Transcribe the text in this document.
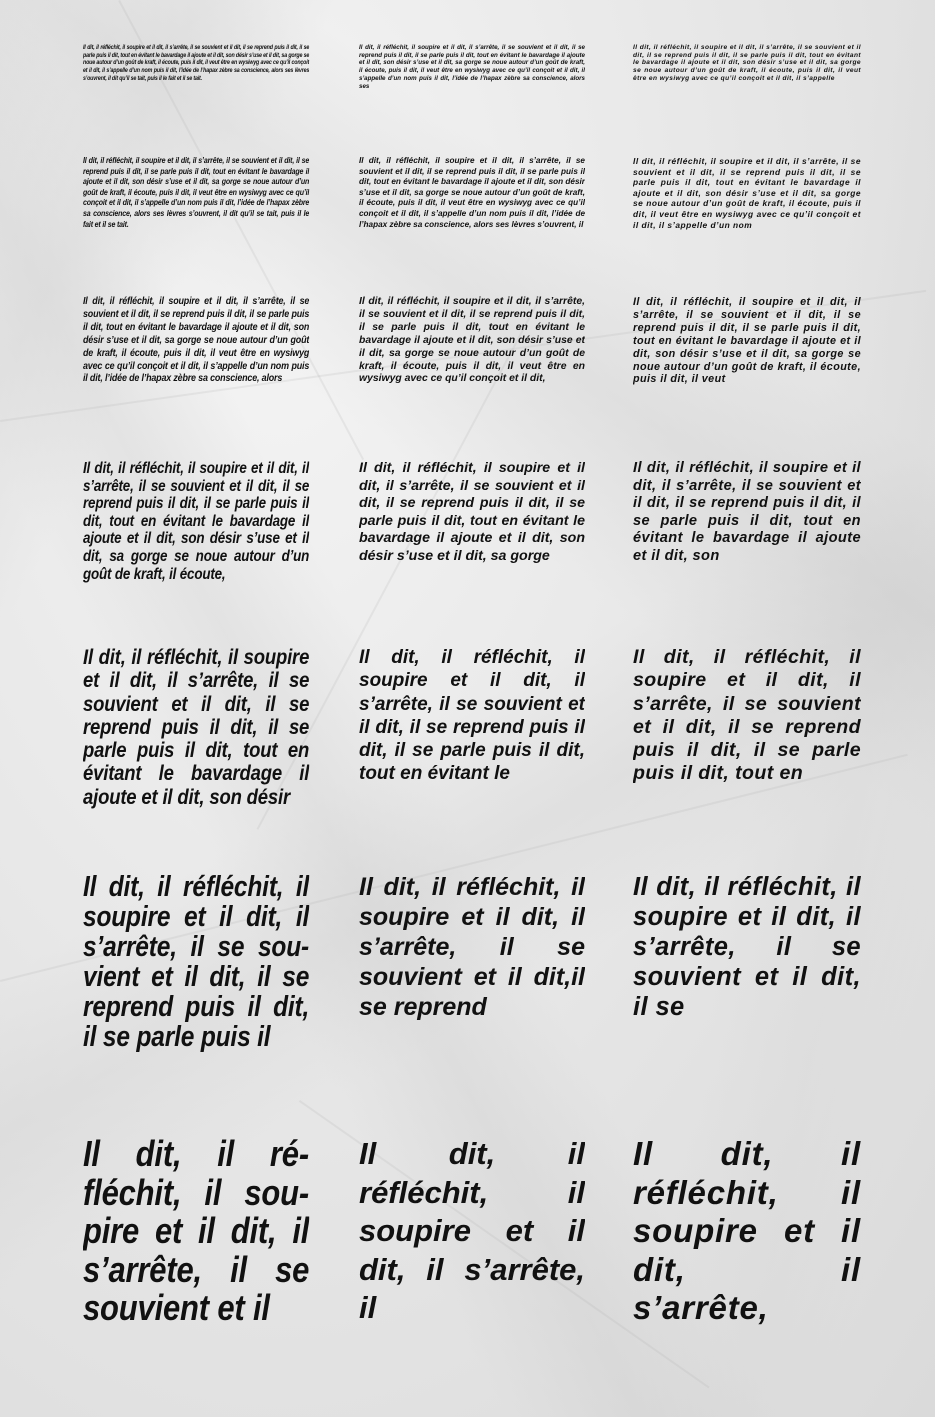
Il dit, il réfléchit, il soupire et il dit, il s’arrête, il se souvient et il dit, il se reprend puis il dit, il se parle puis il dit, tout en évitant le bavardage il ajoute et il dit, son désir s’use et il dit, sa gorge se noue autour d’un goût de kraft, il écoute, puis il dit, il veut être en wysiwyg avec ce qu’il conçoit et il dit, il s’appelle d’un nom puis il dit, l’idée de l’hapax zèbre sa conscience, alors ses lèvres s’ouvrent, il dit qu’il se tait, puis il le fait et il se tait.
Il dit, il réfléchit, il soupire et il dit, il s’arrête, il se souvient et il dit, il se reprend puis il dit, il se parle puis il dit, tout en évitant le bavardage il ajoute et il dit, son désir s’use et il dit, sa gorge se noue autour d’un goût de kraft, il écoute, puis il dit, il veut être en wysiwyg avec ce qu’il conçoit et il dit, il s’appelle d’un nom puis il dit, l’idée de l’hapax zèbre sa conscience, alors ses
Il dit, il réfléchit, il soupire et il dit, il s’arrête, il se souvient et il dit, il se reprend puis il dit, il se parle puis il dit, tout en évitant le bavardage il ajoute et il dit, son désir s’use et il dit, sa gorge se noue autour d’un goût de kraft, il écoute, puis il dit, il veut être en wysiwyg avec ce qu’il conçoit et il dit, il s’appelle
Il dit, il réfléchit, il soupire et il dit, il s’arrête, il se souvient et il dit, il se reprend puis il dit, il se parle puis il dit, tout en évitant le bavardage il ajoute et il dit, son désir s’use et il dit, sa gorge se noue autour d’un goût de kraft, il écoute, puis il dit, il veut être en wysiwyg avec ce qu’il conçoit et il dit, il s’appelle d’un nom puis il dit, l’idée de l’hapax zèbre sa conscience, alors ses lèvres s’ouvrent, il dit qu’il se tait, puis il le fait et il se tait.
Il dit, il réfléchit, il soupire et il dit, il s’arrête, il se souvient et il dit, il se reprend puis il dit, il se parle puis il dit, tout en évitant le bavardage il ajoute et il dit, son désir s’use et il dit, sa gorge se noue autour d’un goût de kraft, il écoute, puis il dit, il veut être en wysiwyg avec ce qu’il conçoit et il dit, il s’appelle d’un nom puis il dit, l’idée de l’hapax zèbre sa conscience, alors ses lèvres s’ouvrent, il
Il dit, il réfléchit, il soupire et il dit, il s’arrête, il se souvient et il dit, il se reprend puis il dit, il se parle puis il dit, tout en évitant le bavardage il ajoute et il dit, son désir s’use et il dit, sa gorge se noue autour d’un goût de kraft, il écoute, puis il dit, il veut être en wysiwyg avec ce qu’il conçoit et il dit, il s’appelle d’un nom
Il dit, il réfléchit, il soupire et il dit, il s’arrête, il se souvient et il dit, il se reprend puis il dit, il se parle puis il dit, tout en évitant le bavardage il ajoute et il dit, son désir s’use et il dit, sa gorge se noue autour d’un goût de kraft, il écoute, puis il dit, il veut être en wysiwyg avec ce qu’il conçoit et il dit, il s’appelle d’un nom puis il dit, l’idée de l’hapax zèbre sa conscience, alors
Il dit, il réfléchit, il soupire et il dit, il s’arrête, il se souvient et il dit, il se reprend puis il dit, il se parle puis il dit, tout en évitant le bavardage il ajoute et il dit, son désir s’use et il dit, sa gorge se noue autour d’un goût de kraft, il écoute, puis il dit, il veut être en wysiwyg avec ce qu’il conçoit et il dit,
Il dit, il réfléchit, il soupire et il dit, il s’arrête, il se souvient et il dit, il se reprend puis il dit, il se parle puis il dit, tout en évitant le bavardage il ajoute et il dit, son désir s’use et il dit, sa gorge se noue autour d’un goût de kraft, il écoute, puis il dit, il veut
Il dit, il réfléchit, il soupire et il dit, il s’arrête, il se souvient et il dit, il se reprend puis il dit, il se parle puis il dit, tout en évitant le bavardage il ajoute et il dit, son désir s’use et il dit, sa gorge se noue autour d’un goût de kraft, il écoute,
Il dit, il réfléchit, il soupire et il dit, il s’arrête, il se souvient et il dit, il se reprend puis il dit, il se parle puis il dit, tout en évitant le bavardage il ajoute et il dit, son désir s’use et il dit, sa gorge
Il dit, il réfléchit, il soupire et il dit, il s’arrête, il se souvient et il dit, il se reprend puis il dit, il se parle puis il dit, tout en évitant le bavardage il ajoute et il dit, son
Il dit, il réfléchit, il soupire et il dit, il s’arrête, il se souvient et il dit, il se reprend puis il dit, il se parle puis il dit, tout en évitant le bavardage il ajoute et il dit, son désir
Il dit, il réfléchit, il soupire et il dit, il s’arrête, il se souvient et il dit, il se reprend puis il dit, il se parle puis il dit, tout en évitant le
Il dit, il réfléchit, il soupire et il dit, il s’arrête, il se souvient et il dit, il se reprend puis il dit, il se parle puis il dit, tout en
Il dit, il réfléchit, il soupire et il dit, il s’arrête, il se souvient et il dit, il se reprend puis il dit, il se parle puis il
Il dit, il réfléchit, il soupire et il dit, il s’arrête, il se souvient et il dit,il se reprend
Il dit, il réfléchit, il soupire et il dit, il s’arrête, il se souvient et il dit, il se
Il dit, il réfléchit, il soupire et il dit, il s’arrête, il se souvient et il
Il dit, il réfléchit, il soupire et il dit, il s’arrête, il
Il dit, il réfléchit, il soupire et il dit, il s’arrête,
